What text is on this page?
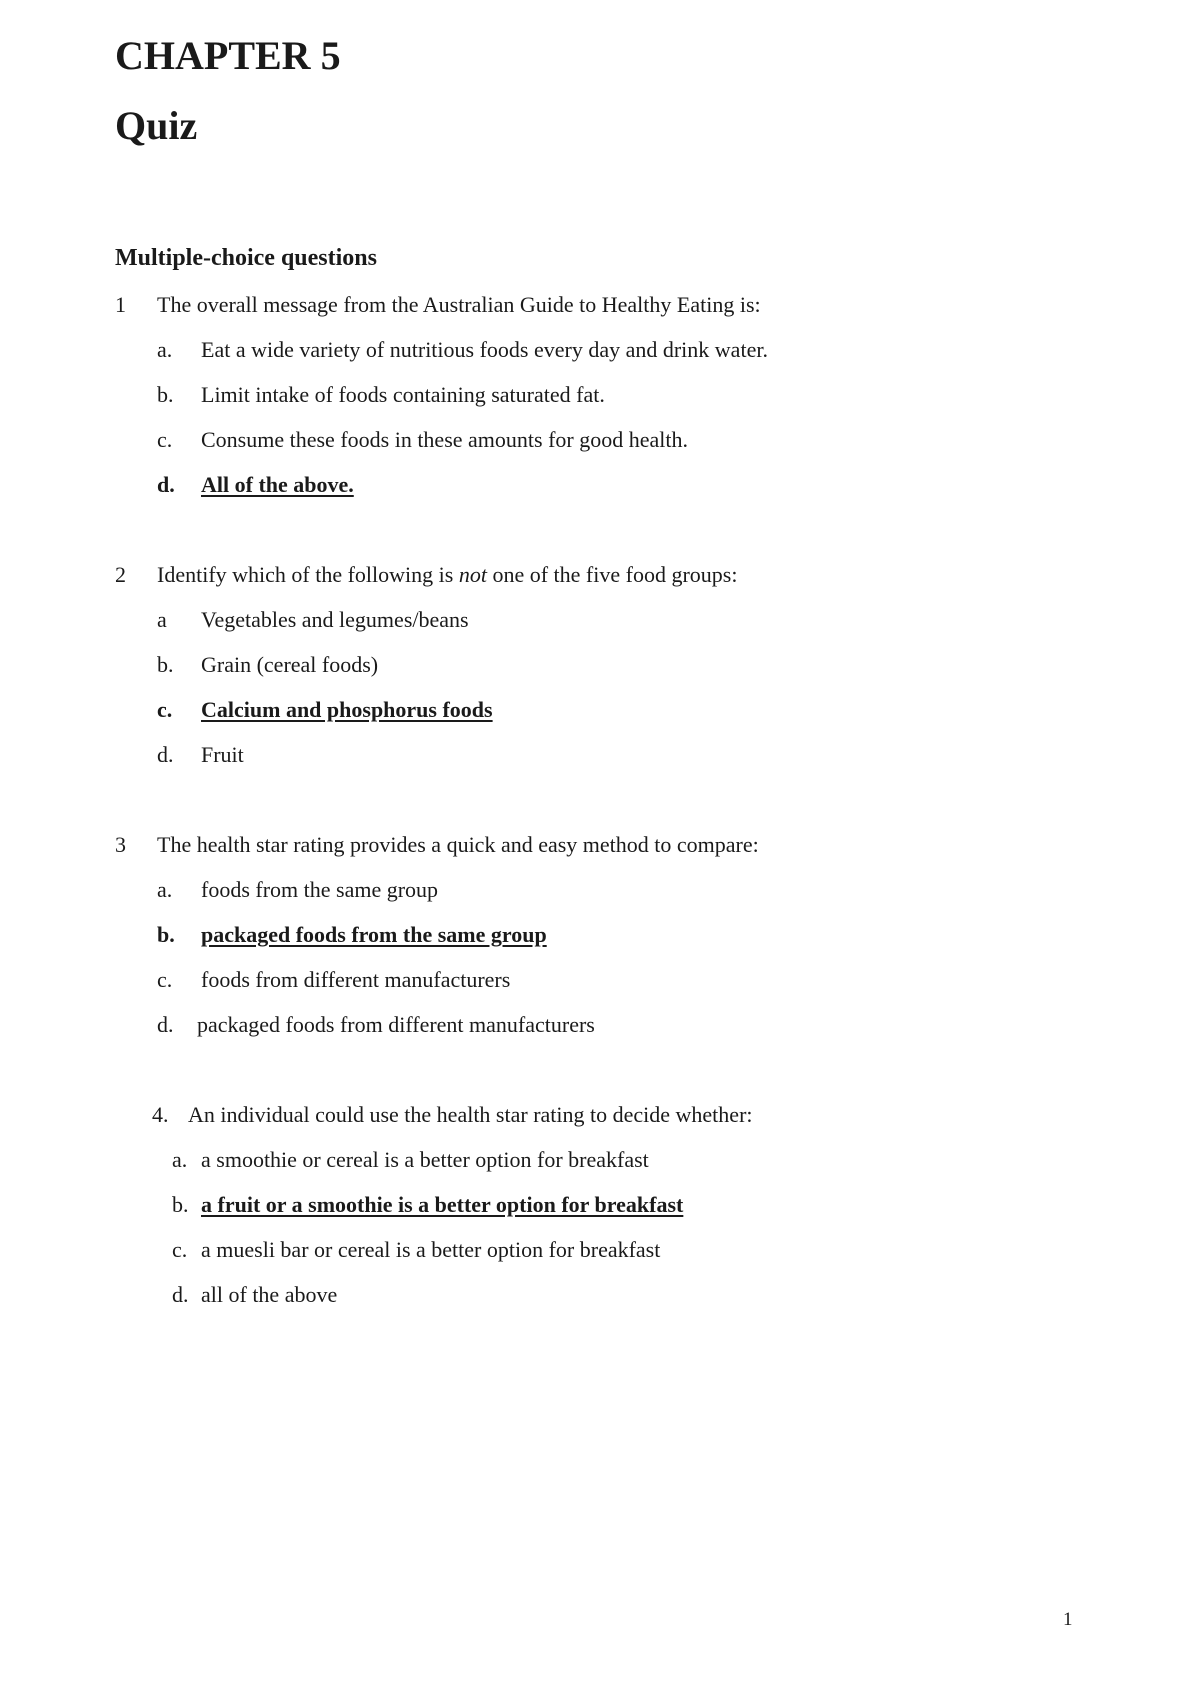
CHAPTER 5
Quiz
Multiple-choice questions
1 The overall message from the Australian Guide to Healthy Eating is:
a. Eat a wide variety of nutritious foods every day and drink water.
b. Limit intake of foods containing saturated fat.
c. Consume these foods in these amounts for good health.
d. All of the above.
2 Identify which of the following is not one of the five food groups:
a Vegetables and legumes/beans
b. Grain (cereal foods)
c. Calcium and phosphorus foods
d. Fruit
3 The health star rating provides a quick and easy method to compare:
a. foods from the same group
b. packaged foods from the same group
c. foods from different manufacturers
d. packaged foods from different manufacturers
4. An individual could use the health star rating to decide whether:
a. a smoothie or cereal is a better option for breakfast
b. a fruit or a smoothie is a better option for breakfast
c. a muesli bar or cereal is a better option for breakfast
d. all of the above
1
